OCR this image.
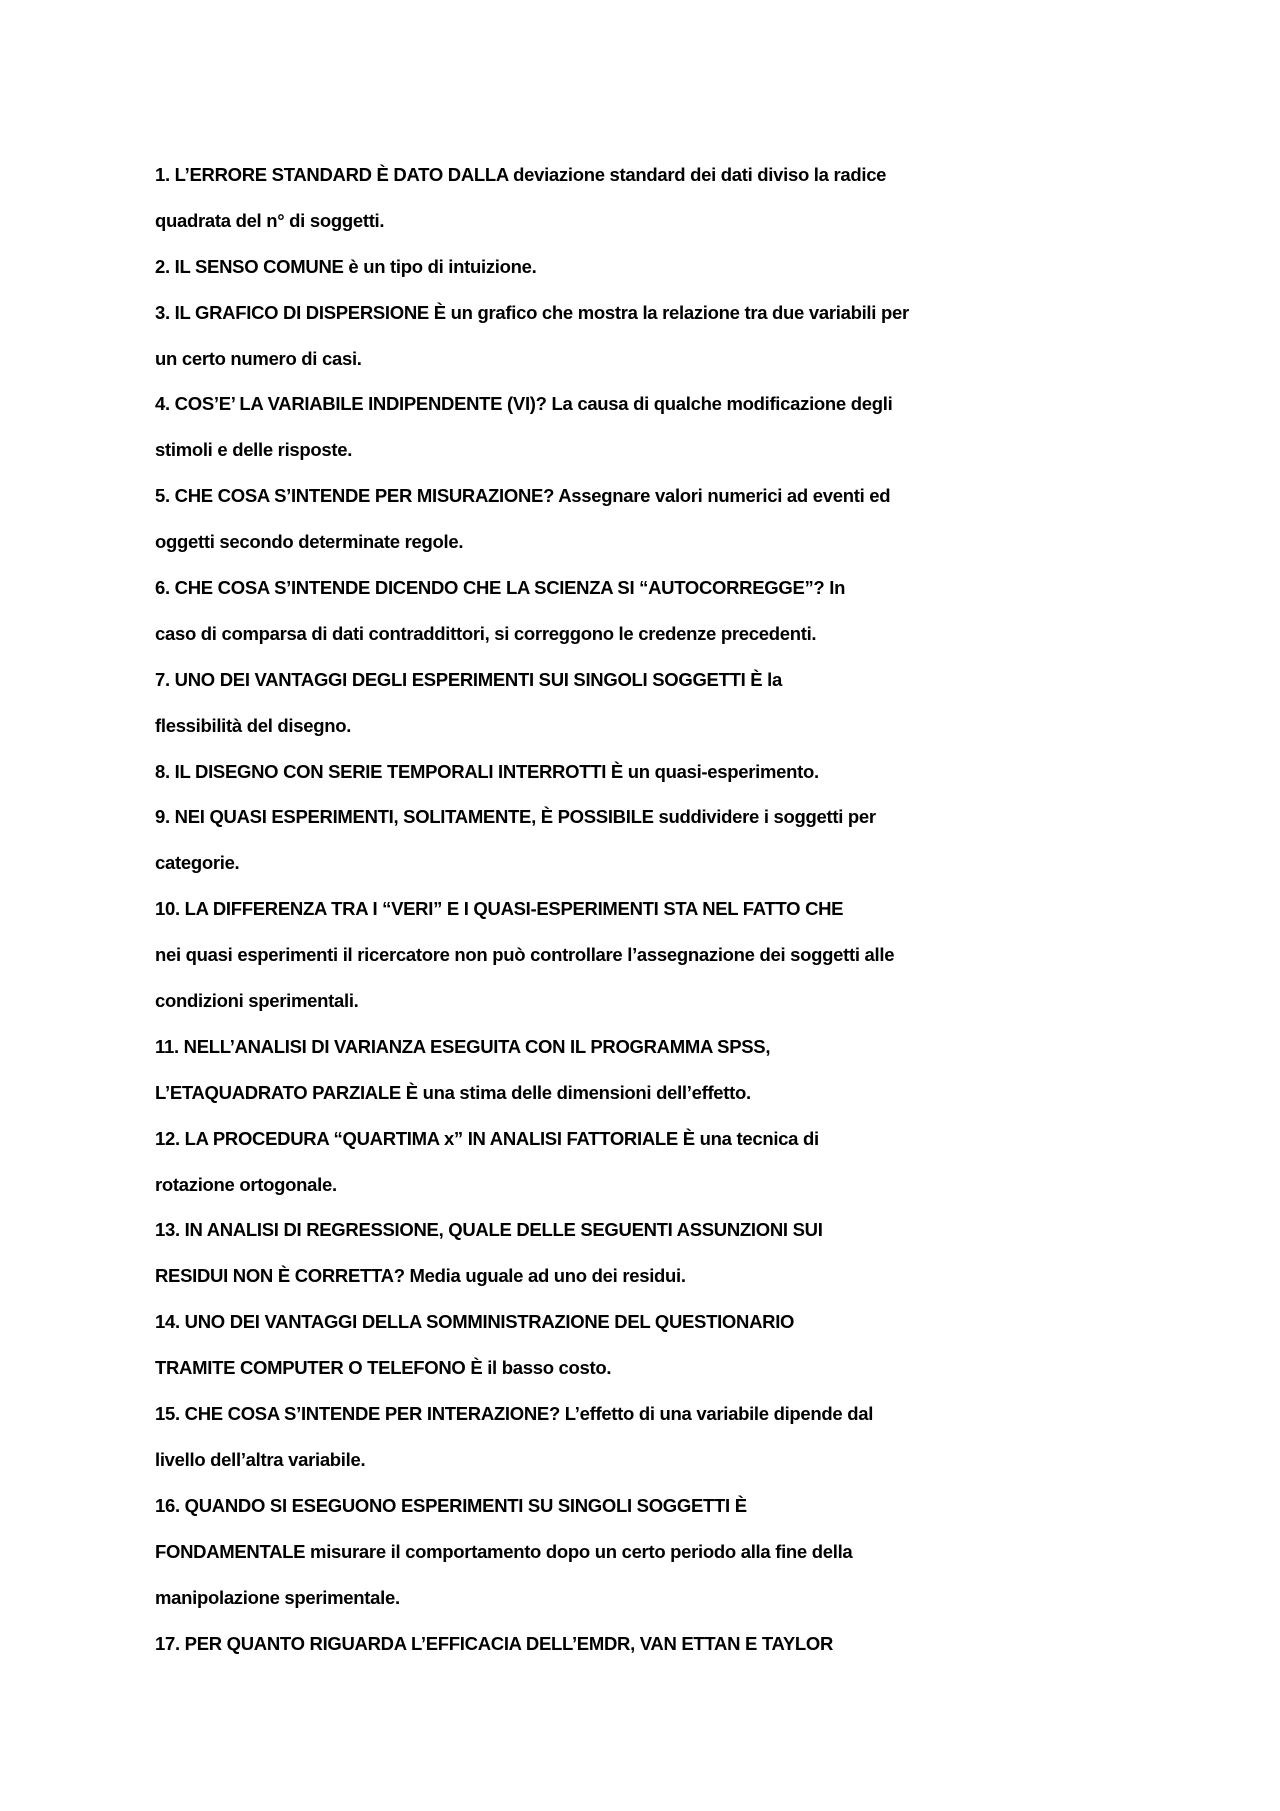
1. L’ERRORE STANDARD È DATO DALLA deviazione standard dei dati diviso la radice
quadrata del n° di soggetti.
2. IL SENSO COMUNE è un tipo di intuizione.
3. IL GRAFICO DI DISPERSIONE È un grafico che mostra la relazione tra due variabili per
un certo numero di casi.
4. COS’E’ LA VARIABILE INDIPENDENTE (VI)? La causa di qualche modificazione degli
stimoli e delle risposte.
5. CHE COSA S’INTENDE PER MISURAZIONE? Assegnare valori numerici ad eventi ed
oggetti secondo determinate regole.
6. CHE COSA S’INTENDE DICENDO CHE LA SCIENZA SI “AUTOCORREGGE”? In
caso di comparsa di dati contraddittori, si correggono le credenze precedenti.
7. UNO DEI VANTAGGI DEGLI ESPERIMENTI SUI SINGOLI SOGGETTI È la
flessibilità del disegno.
8. IL DISEGNO CON SERIE TEMPORALI INTERROTTI È un quasi-esperimento.
9. NEI QUASI ESPERIMENTI, SOLITAMENTE, È POSSIBILE suddividere i soggetti per
categorie.
10. LA DIFFERENZA TRA I “VERI” E I QUASI-ESPERIMENTI STA NEL FATTO CHE
nei quasi esperimenti il ricercatore non può controllare l’assegnazione dei soggetti alle
condizioni sperimentali.
11. NELL’ANALISI DI VARIANZA ESEGUITA CON IL PROGRAMMA SPSS,
L’ETAQUADRATO PARZIALE È una stima delle dimensioni dell’effetto.
12. LA PROCEDURA “QUARTIMA x” IN ANALISI FATTORIALE È una tecnica di
rotazione ortogonale.
13. IN ANALISI DI REGRESSIONE, QUALE DELLE SEGUENTI ASSUNZIONI SUI
RESIDUI NON È CORRETTA? Media uguale ad uno dei residui.
14. UNO DEI VANTAGGI DELLA SOMMINISTRAZIONE DEL QUESTIONARIO
TRAMITE COMPUTER O TELEFONO È il basso costo.
15. CHE COSA S’INTENDE PER INTERAZIONE? L’effetto di una variabile dipende dal
livello dell’altra variabile.
16. QUANDO SI ESEGUONO ESPERIMENTI SU SINGOLI SOGGETTI È
FONDAMENTALE misurare il comportamento dopo un certo periodo alla fine della
manipolazione sperimentale.
17. PER QUANTO RIGUARDA L’EFFICACIA DELL’EMDR, VAN ETTAN E TAYLOR
